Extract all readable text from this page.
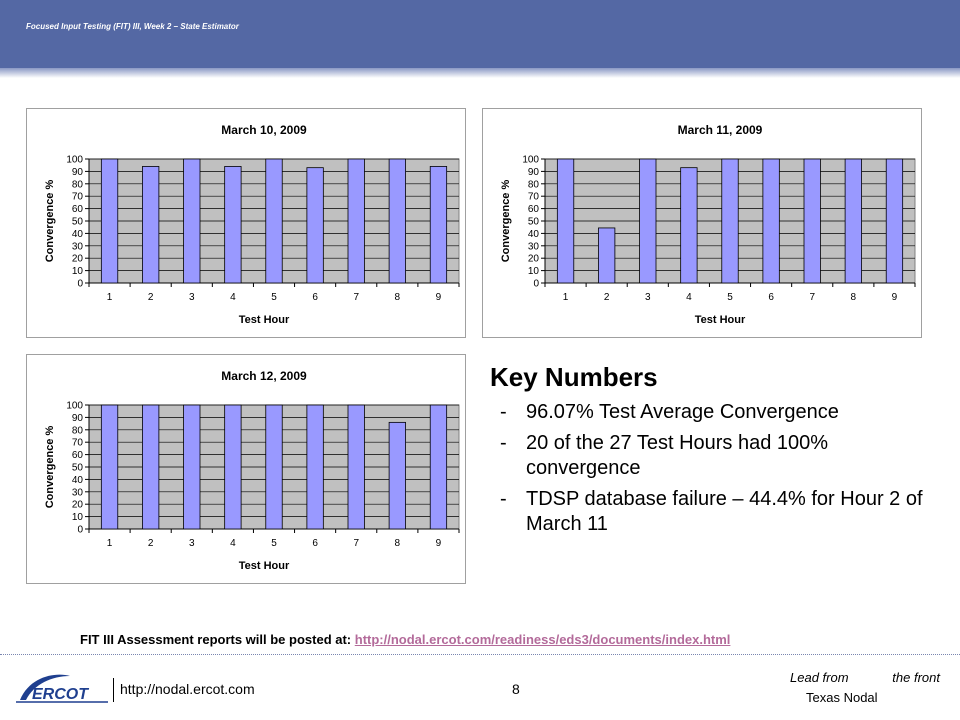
Focused Input Testing (FIT) III, Week 2 – State Estimator
0
10
20
30
40
50
60
70
80
90
100
1	2	3	4	5	6	7	8	9
March 10, 2009
Test Hour
Convergence %
0
10
20
30
40
50
60
70
80
90
100
1	2	3	4	5	6	7	8	9
March 11, 2009
Test Hour
Convergence %
0
10
20
30
40
50
60
70
80
90
100
1	2	3	4	5	6	7	8	9
March 12, 2009
Test Hour
Convergence %
Key Numbers
- 96.07% Test Average Convergence
- 20 of the 27 Test Hours had 100% convergence
- TDSP database failure – 44.4% for Hour 2 of March 11
FIT III Assessment reports will be posted at: http://nodal.ercot.com/readiness/eds3/documents/index.html
ERCOT http://nodal.ercot.com	8
Lead from	the front
Texas Nodal
